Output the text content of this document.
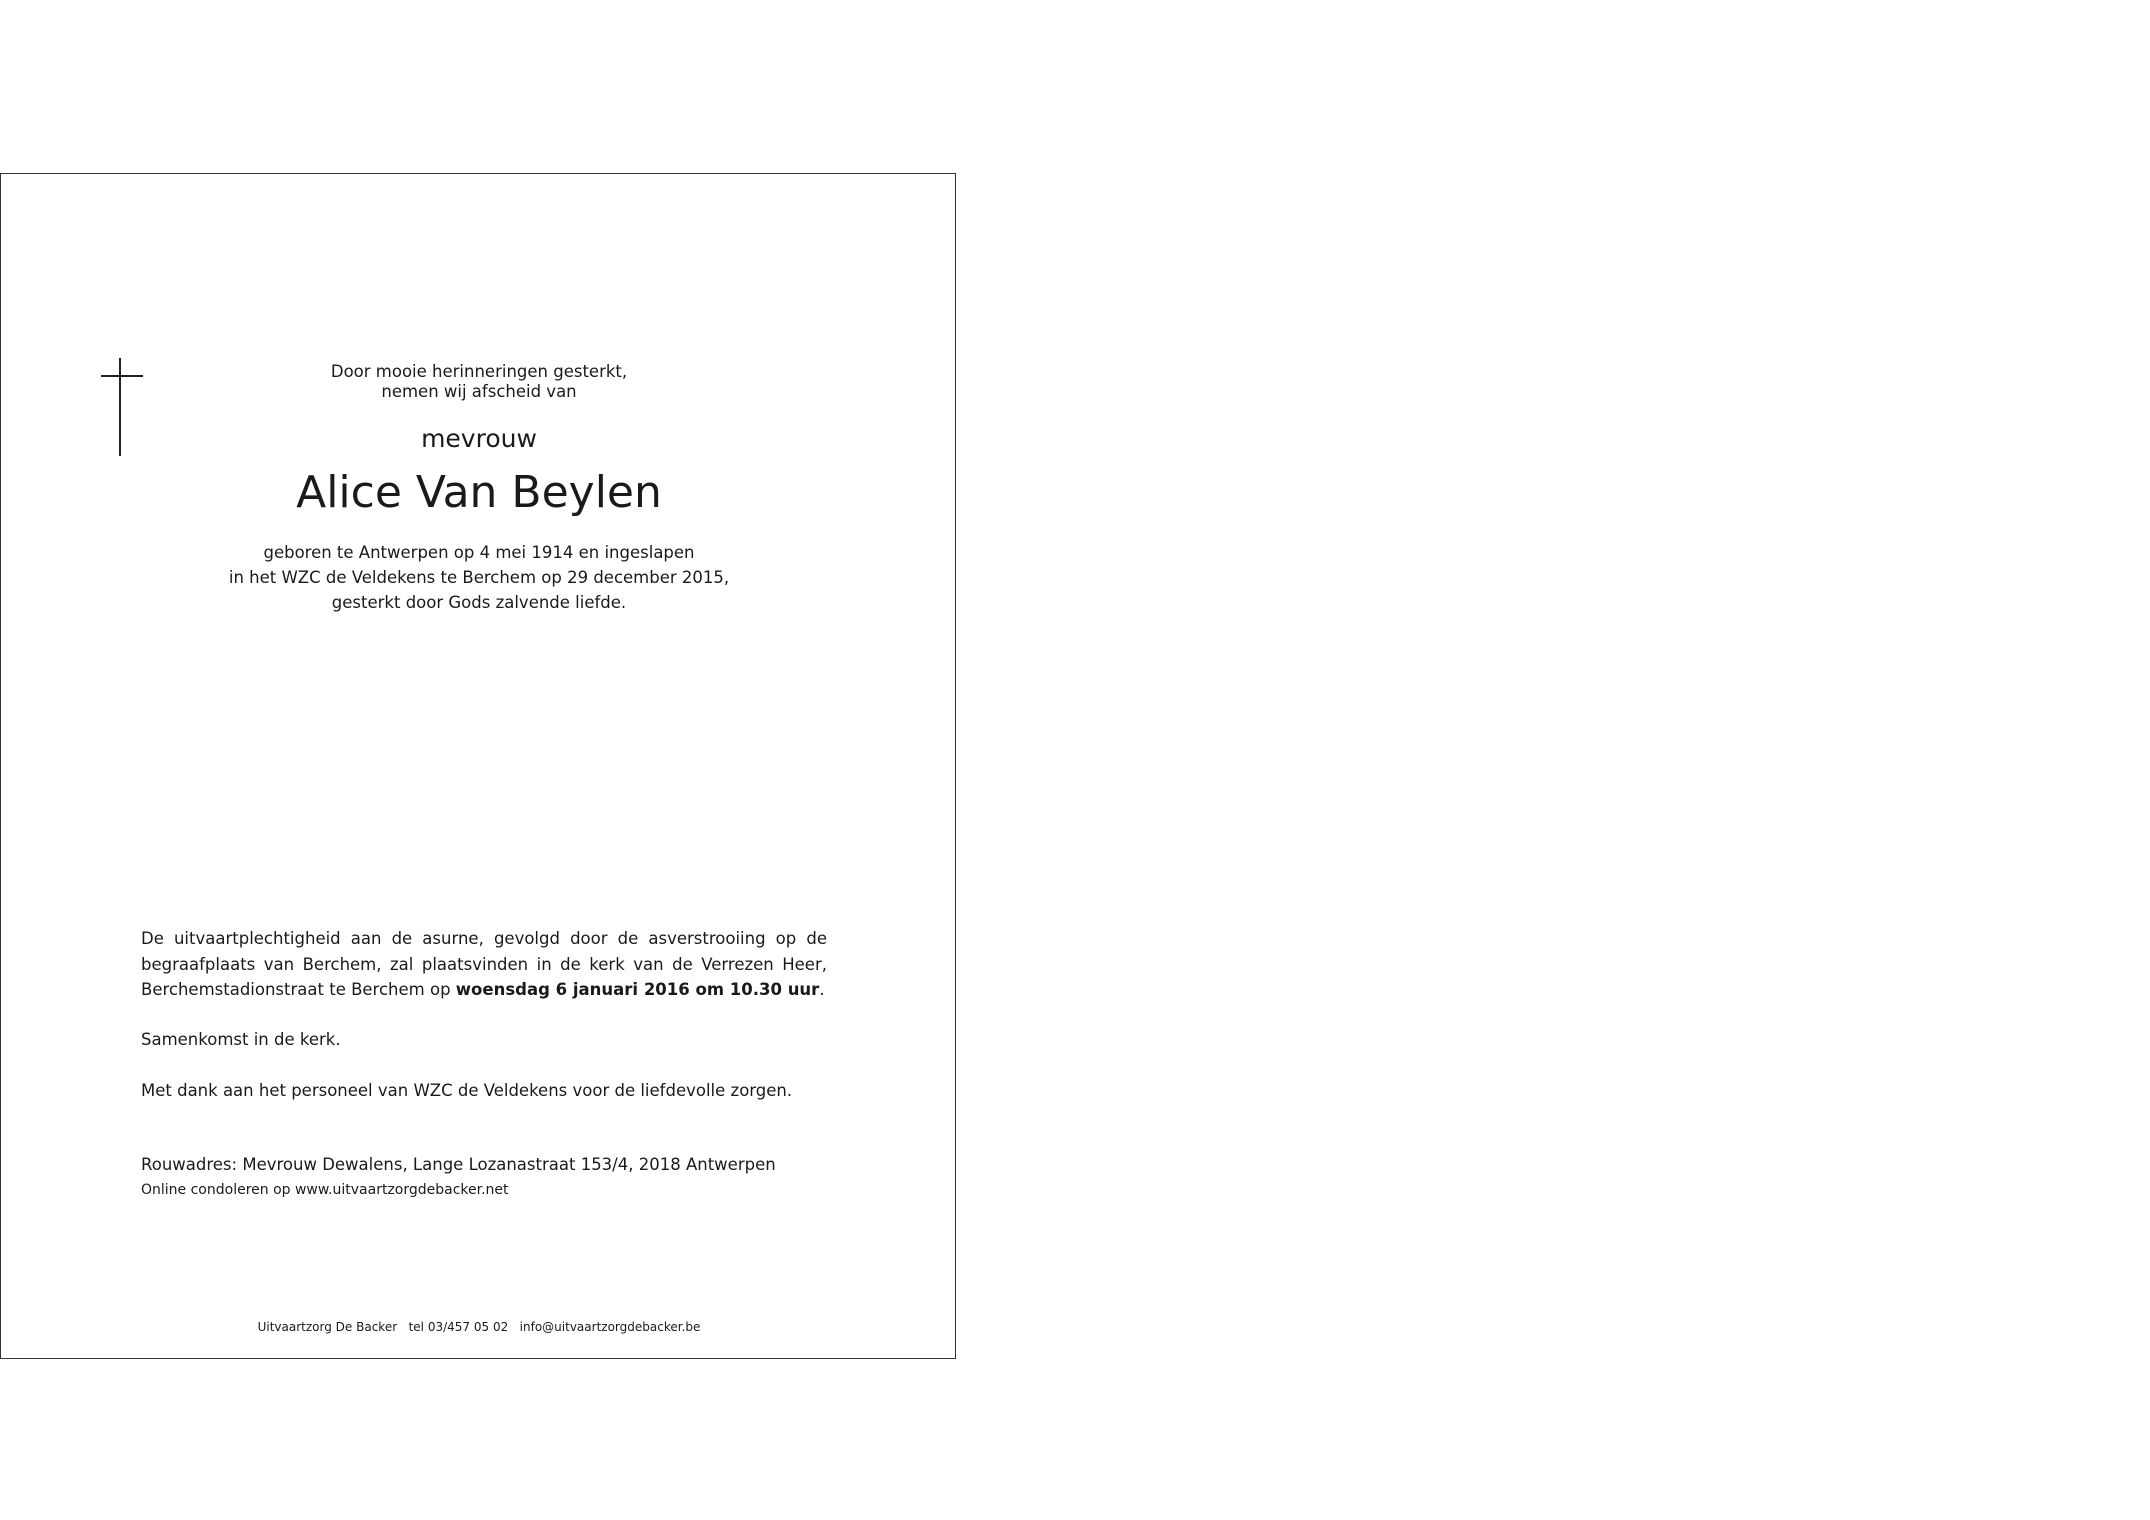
Door mooie herinneringen gesterkt,
nemen wij afscheid van
mevrouw
Alice Van Beylen
geboren te Antwerpen op 4 mei 1914 en ingeslapen
in het WZC de Veldekens te Berchem op 29 december 2015,
gesterkt door Gods zalvende liefde.
De uitvaartplechtigheid aan de asurne, gevolgd door de asverstrooiing op de begraafplaats van Berchem, zal plaatsvinden in de kerk van de Verrezen Heer, Berchemstadionstraat te Berchem op woensdag 6 januari 2016 om 10.30 uur.
Samenkomst in de kerk.
Met dank aan het personeel van WZC de Veldekens voor de liefdevolle zorgen.
Rouwadres: Mevrouw Dewalens, Lange Lozanastraat 153/4, 2018 Antwerpen
Online condoleren op www.uitvaartzorgdebacker.net
Uitvaartzorg De Backer tel 03/457 05 02 info@uitvaartzorgdebacker.be
